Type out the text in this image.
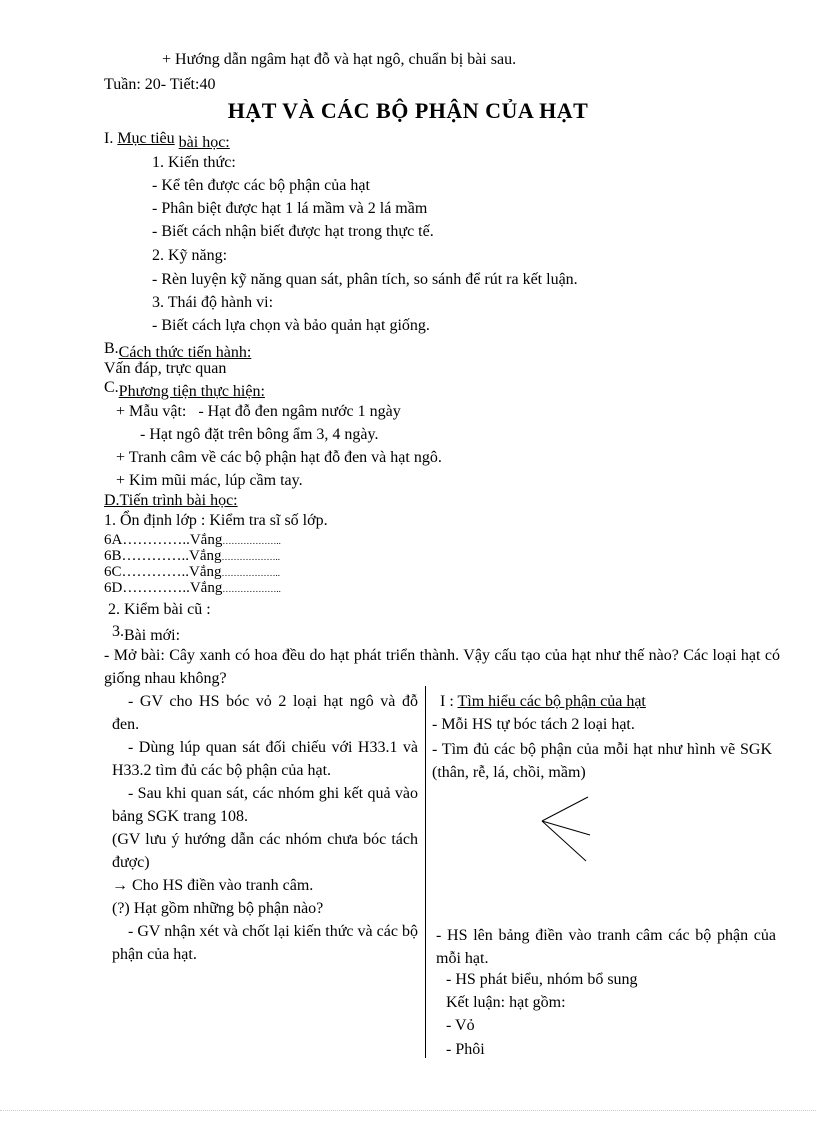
+ Hướng dẫn ngâm hạt đỗ và hạt ngô, chuẩn bị bài sau.
Tuần: 20- Tiết:40
HẠT VÀ CÁC BỘ PHẬN CỦA HẠT
I. Mục tiêu bài học:
1. Kiến thức:
- Kể tên được các bộ phận của hạt
- Phân biệt được hạt 1 lá mầm và 2 lá mầm
- Biết cách nhận biết được hạt trong thực tế.
2. Kỹ năng:
- Rèn luyện kỹ năng quan sát, phân tích, so sánh để rút ra kết luận.
3. Thái độ hành vi:
- Biết cách lựa chọn và bảo quản hạt giống.
B.Cách thức tiến hành:
Vấn đáp, trực quan
C.Phương tiện thực hiện:
+ Mẫu vật:   - Hạt đỗ đen ngâm nước 1 ngày
- Hạt ngô đặt trên bông ẩm 3, 4 ngày.
+ Tranh câm về các bộ phận hạt đỗ đen và hạt ngô.
+ Kim mũi mác, lúp cầm tay.
D.Tiến trình bài học:
1. Ổn định lớp : Kiểm tra sĩ số lớp.
6A…………..Vắng………………..
6B…………..Vắng………………..
6C…………..Vắng………………..
6D…………..Vắng………………..
2. Kiểm bài cũ :
3.Bài mới:
- Mở bài: Cây xanh có hoa đều do hạt phát triển thành. Vậy cấu tạo của hạt như thế nào? Các loại hạt có giống nhau không?
- GV cho HS bóc vỏ 2 loại hạt ngô và đỗ đen.
- Dùng lúp quan sát đối chiếu với H33.1 và H33.2 tìm đủ các bộ phận của hạt.
- Sau khi quan sát, các nhóm ghi kết quả vào bảng SGK trang 108.
(GV lưu ý hướng dẫn các nhóm chưa bóc tách được)
→ Cho HS điền vào tranh câm.
(?) Hạt gồm những bộ phận nào?
- GV nhận xét và chốt lại kiến thức và các bộ phận của hạt.
I : Tìm hiểu các bộ phận của hạt
- Mỗi HS tự bóc tách 2 loại hạt.
- Tìm đủ các bộ phận của mỗi hạt như hình vẽ SGK (thân, rễ, lá, chồi, mầm)
- HS lên bảng điền vào tranh câm các bộ phận của mỗi hạt.
- HS phát biểu, nhóm bổ sung
Kết luận: hạt gồm:
- Vỏ
- Phôi
